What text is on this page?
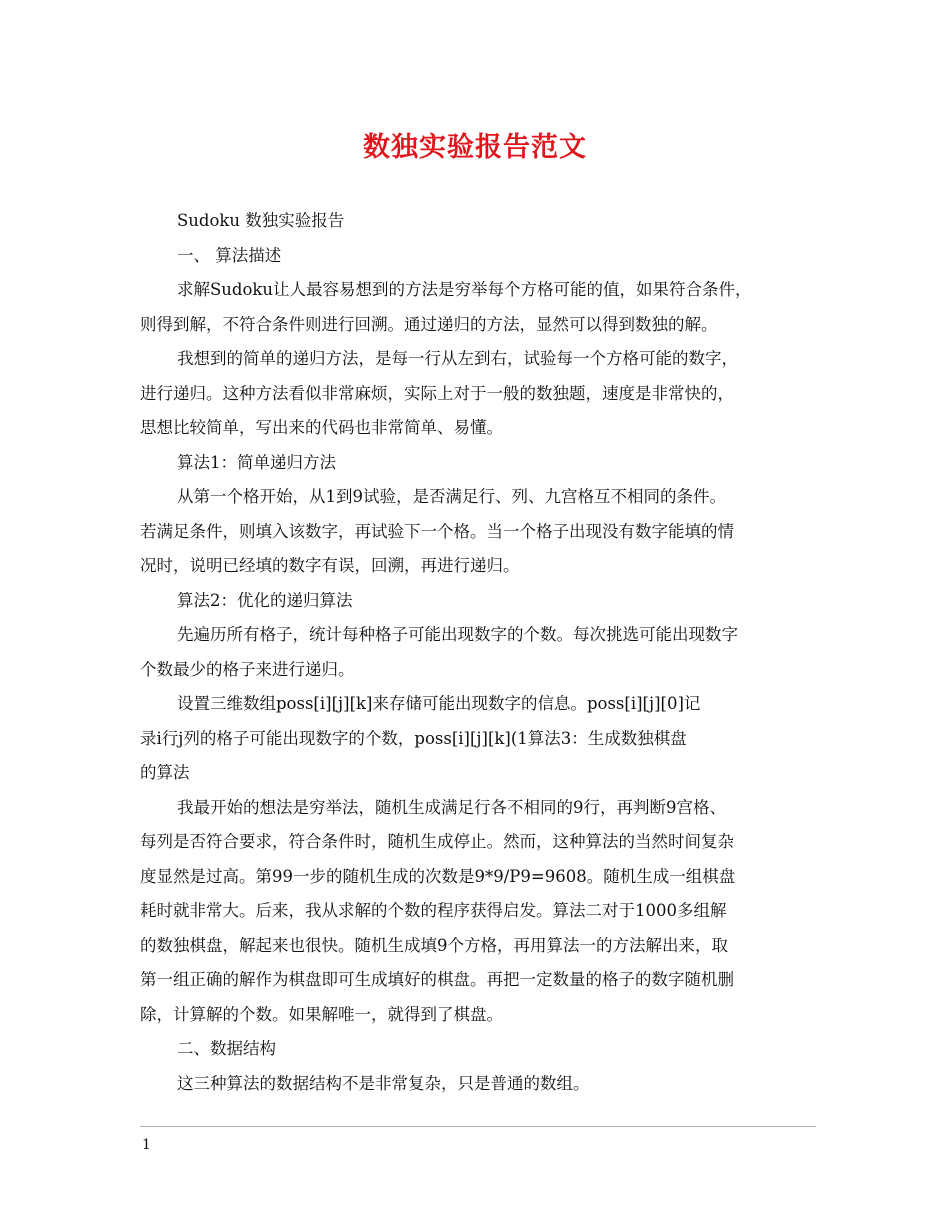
数独实验报告范文
Sudoku 数独实验报告
一、 算法描述
求解Sudoku让人最容易想到的方法是穷举每个方格可能的值，如果符合条件，
则得到解，不符合条件则进行回溯。通过递归的方法，显然可以得到数独的解。
我想到的简单的递归方法，是每一行从左到右，试验每一个方格可能的数字，
进行递归。这种方法看似非常麻烦，实际上对于一般的数独题，速度是非常快的，
思想比较简单，写出来的代码也非常简单、易懂。
算法1：简单递归方法
从第一个格开始，从1到9试验，是否满足行、列、九宫格互不相同的条件。
若满足条件，则填入该数字，再试验下一个格。当一个格子出现没有数字能填的情
况时，说明已经填的数字有误，回溯，再进行递归。
算法2：优化的递归算法
先遍历所有格子，统计每种格子可能出现数字的个数。每次挑选可能出现数字
个数最少的格子来进行递归。
设置三维数组poss[i][j][k]来存储可能出现数字的信息。poss[i][j][0]记
录i行j列的格子可能出现数字的个数，poss[i][j][k](1算法3：生成数独棋盘
的算法
我最开始的想法是穷举法，随机生成满足行各不相同的9行，再判断9宫格、
每列是否符合要求，符合条件时，随机生成停止。然而，这种算法的当然时间复杂
度显然是过高。第99一步的随机生成的次数是9*9/P9=9608。随机生成一组棋盘
耗时就非常大。后来，我从求解的个数的程序获得启发。算法二对于1000多组解
的数独棋盘，解起来也很快。随机生成填9个方格，再用算法一的方法解出来，取
第一组正确的解作为棋盘即可生成填好的棋盘。再把一定数量的格子的数字随机删
除，计算解的个数。如果解唯一，就得到了棋盘。
二、数据结构
这三种算法的数据结构不是非常复杂，只是普通的数组。
1
